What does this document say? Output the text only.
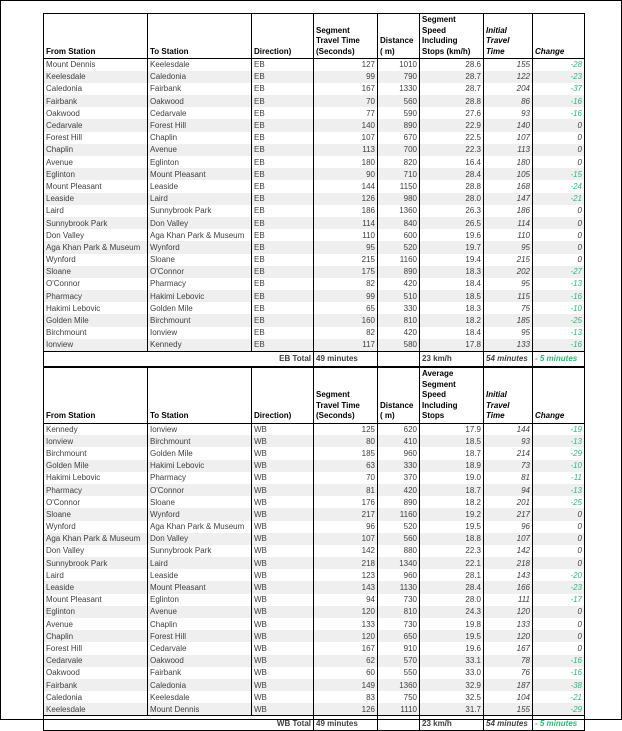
From Station	To Station	Direction)	Segment Travel Time (Seconds)	Distance ( m)	Segment Speed Including Stops (km/h)	Initial Travel Time	Change
Mount Dennis	Keelesdale	EB	127	1010	28.6	155	-28
Keelesdale	Caledonia	EB	99	790	28.7	122	-23
Caledonia	Fairbank	EB	167	1330	28.7	204	-37
Fairbank	Oakwood	EB	70	560	28.8	86	-16
Oakwood	Cedarvale	EB	77	590	27.6	93	-16
Cedarvale	Forest Hill	EB	140	890	22.9	140	0
Forest Hill	Chaplin	EB	107	670	22.5	107	0
Chaplin	Avenue	EB	113	700	22.3	113	0
Avenue	Eglinton	EB	180	820	16.4	180	0
Eglinton	Mount Pleasant	EB	90	710	28.4	105	-15
Mount Pleasant	Leaside	EB	144	1150	28.8	168	-24
Leaside	Laird	EB	126	980	28.0	147	-21
Laird	Sunnybrook Park	EB	186	1360	26.3	186	0
Sunnybrook Park	Don Valley	EB	114	840	26.5	114	0
Don Valley	Aga Khan Park & Museum	EB	110	600	19.6	110	0
Aga Khan Park & Museum	Wynford	EB	95	520	19.7	95	0
Wynford	Sloane	EB	215	1160	19.4	215	0
Sloane	O'Connor	EB	175	890	18.3	202	-27
O'Connor	Pharmacy	EB	82	420	18.4	95	-13
Pharmacy	Hakimi Lebovic	EB	99	510	18.5	115	-16
Hakimi Lebovic	Golden Mile	EB	65	330	18.3	75	-10
Golden Mile	Birchmount	EB	160	810	18.2	185	-25
Birchmount	Ionview	EB	82	420	18.4	95	-13
Ionview	Kennedy	EB	117	580	17.8	133	-16
EB Total			49 minutes		23 km/h	54 minutes	- 5 minutes
From Station	To Station	Direction)	Segment Travel Time (Seconds)	Distance ( m)	Average Segment Speed Including Stops	Initial Travel Time	Change
Kennedy	Ionview	WB	125	620	17.9	144	-19
Ionview	Birchmount	WB	80	410	18.5	93	-13
Birchmount	Golden Mile	WB	185	960	18.7	214	-29
Golden Mile	Hakimi Lebovic	WB	63	330	18.9	73	-10
Hakimi Lebovic	Pharmacy	WB	70	370	19.0	81	-11
Pharmacy	O'Connor	WB	81	420	18.7	94	-13
O'Connor	Sloane	WB	176	890	18.2	201	-25
Sloane	Wynford	WB	217	1160	19.2	217	0
Wynford	Aga Khan Park & Museum	WB	96	520	19.5	96	0
Aga Khan Park & Museum	Don Valley	WB	107	560	18.8	107	0
Don Valley	Sunnybrook Park	WB	142	880	22.3	142	0
Sunnybrook Park	Laird	WB	218	1340	22.1	218	0
Laird	Leaside	WB	123	960	28.1	143	-20
Leaside	Mount Pleasant	WB	143	1130	28.4	166	-23
Mount Pleasant	Eglinton	WB	94	730	28.0	111	-17
Eglinton	Avenue	WB	120	810	24.3	120	0
Avenue	Chaplin	WB	133	730	19.8	133	0
Chaplin	Forest Hill	WB	120	650	19.5	120	0
Forest Hill	Cedarvale	WB	167	910	19.6	167	0
Cedarvale	Oakwood	WB	62	570	33.1	78	-16
Oakwood	Fairbank	WB	60	550	33.0	76	-16
Fairbank	Caledonia	WB	149	1360	32.9	187	-38
Caledonia	Keelesdale	WB	83	750	32.5	104	-21
Keelesdale	Mount Dennis	WB	126	1110	31.7	155	-29
WB Total			49 minutes		23 km/h	54 minutes	- 5 minutes
